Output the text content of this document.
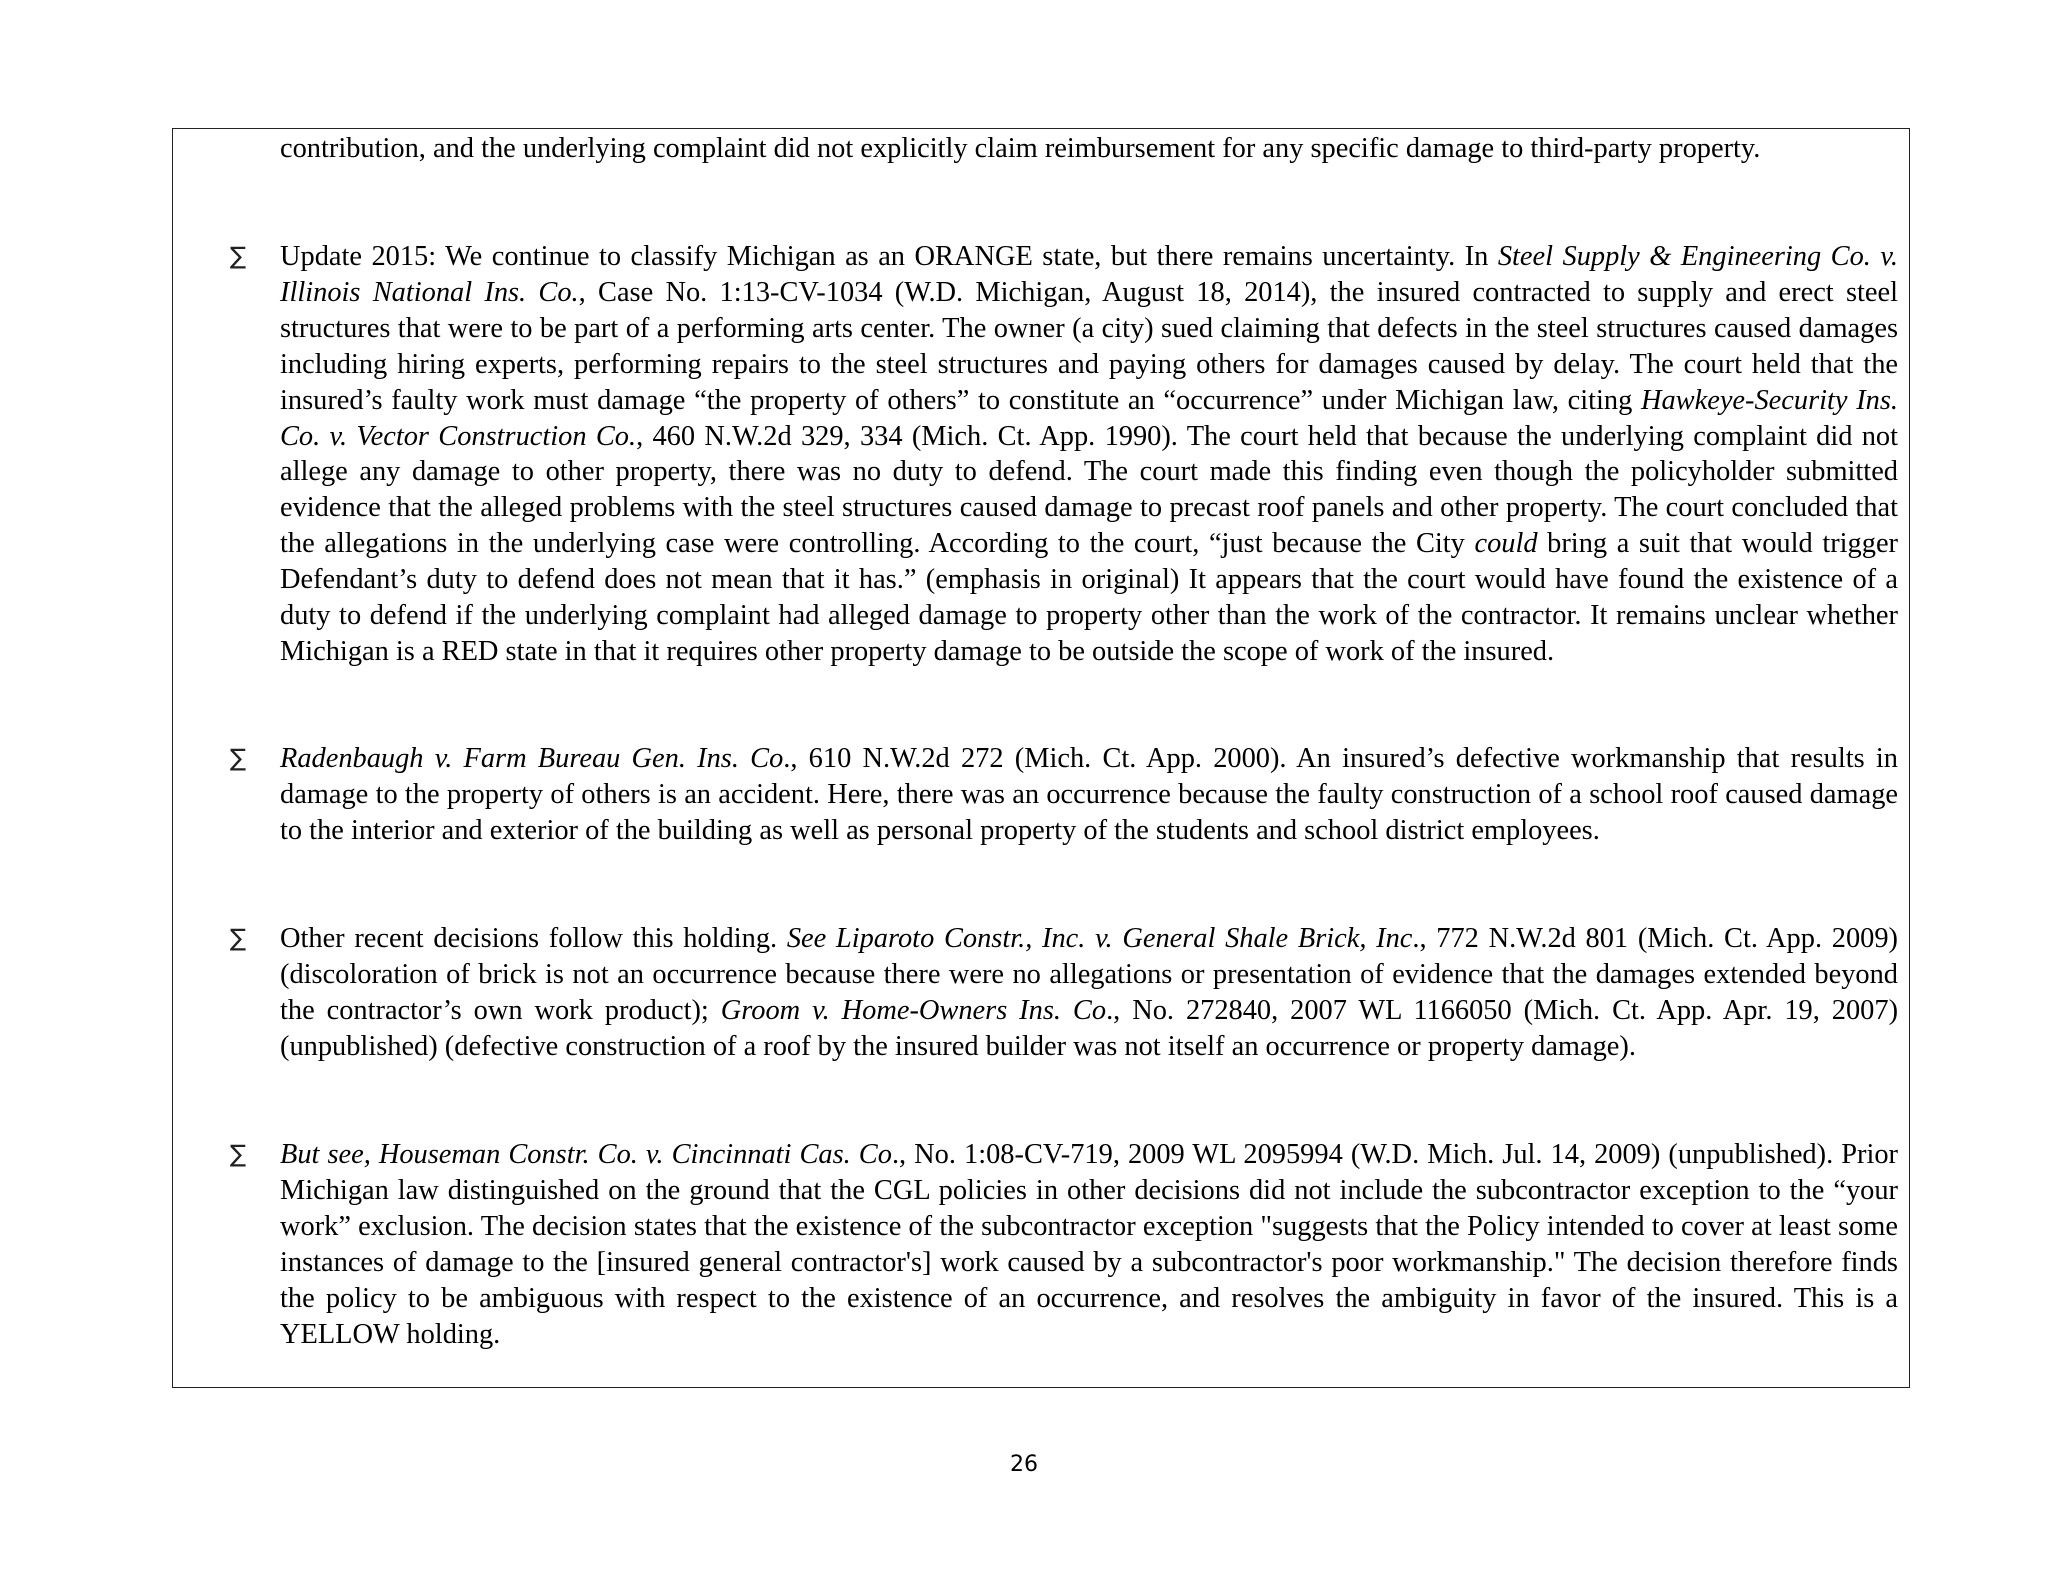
contribution, and the underlying complaint did not explicitly claim reimbursement for any specific damage to third-party property.

∑	Update 2015: We continue to classify Michigan as an ORANGE state, but there remains uncertainty. In Steel Supply & Engineering Co. v. Illinois National Ins. Co., Case No. 1:13-CV-1034 (W.D. Michigan, August 18, 2014), the insured contracted to supply and erect steel structures that were to be part of a performing arts center. The owner (a city) sued claiming that defects in the steel structures caused damages including hiring experts, performing repairs to the steel structures and paying others for damages caused by delay. The court held that the insured’s faulty work must damage “the property of others” to constitute an “occurrence” under Michigan law, citing Hawkeye-Security Ins. Co. v. Vector Construction Co., 460 N.W.2d 329, 334 (Mich. Ct. App. 1990). The court held that because the underlying complaint did not allege any damage to other property, there was no duty to defend. The court made this finding even though the policyholder submitted evidence that the alleged problems with the steel structures caused damage to precast roof panels and other property. The court concluded that the allegations in the underlying case were controlling. According to the court, “just because the City could bring a suit that would trigger Defendant’s duty to defend does not mean that it has.” (emphasis in original) It appears that the court would have found the existence of a duty to defend if the underlying complaint had alleged damage to property other than the work of the contractor. It remains unclear whether Michigan is a RED state in that it requires other property damage to be outside the scope of work of the insured.

∑	Radenbaugh v. Farm Bureau Gen. Ins. Co., 610 N.W.2d 272 (Mich. Ct. App. 2000). An insured’s defective workmanship that results in damage to the property of others is an accident. Here, there was an occurrence because the faulty construction of a school roof caused damage to the interior and exterior of the building as well as personal property of the students and school district employees.

∑	Other recent decisions follow this holding. See Liparoto Constr., Inc. v. General Shale Brick, Inc., 772 N.W.2d 801 (Mich. Ct. App. 2009) (discoloration of brick is not an occurrence because there were no allegations or presentation of evidence that the damages extended beyond the contractor’s own work product); Groom v. Home-Owners Ins. Co., No. 272840, 2007 WL 1166050 (Mich. Ct. App. Apr. 19, 2007) (unpublished) (defective construction of a roof by the insured builder was not itself an occurrence or property damage).

∑	But see, Houseman Constr. Co. v. Cincinnati Cas. Co., No. 1:08-CV-719, 2009 WL 2095994 (W.D. Mich. Jul. 14, 2009) (unpublished). Prior Michigan law distinguished on the ground that the CGL policies in other decisions did not include the subcontractor exception to the “your work” exclusion. The decision states that the existence of the subcontractor exception "suggests that the Policy intended to cover at least some instances of damage to the [insured general contractor's] work caused by a subcontractor's poor workmanship." The decision therefore finds the policy to be ambiguous with respect to the existence of an occurrence, and resolves the ambiguity in favor of the insured. This is a YELLOW holding.

26
